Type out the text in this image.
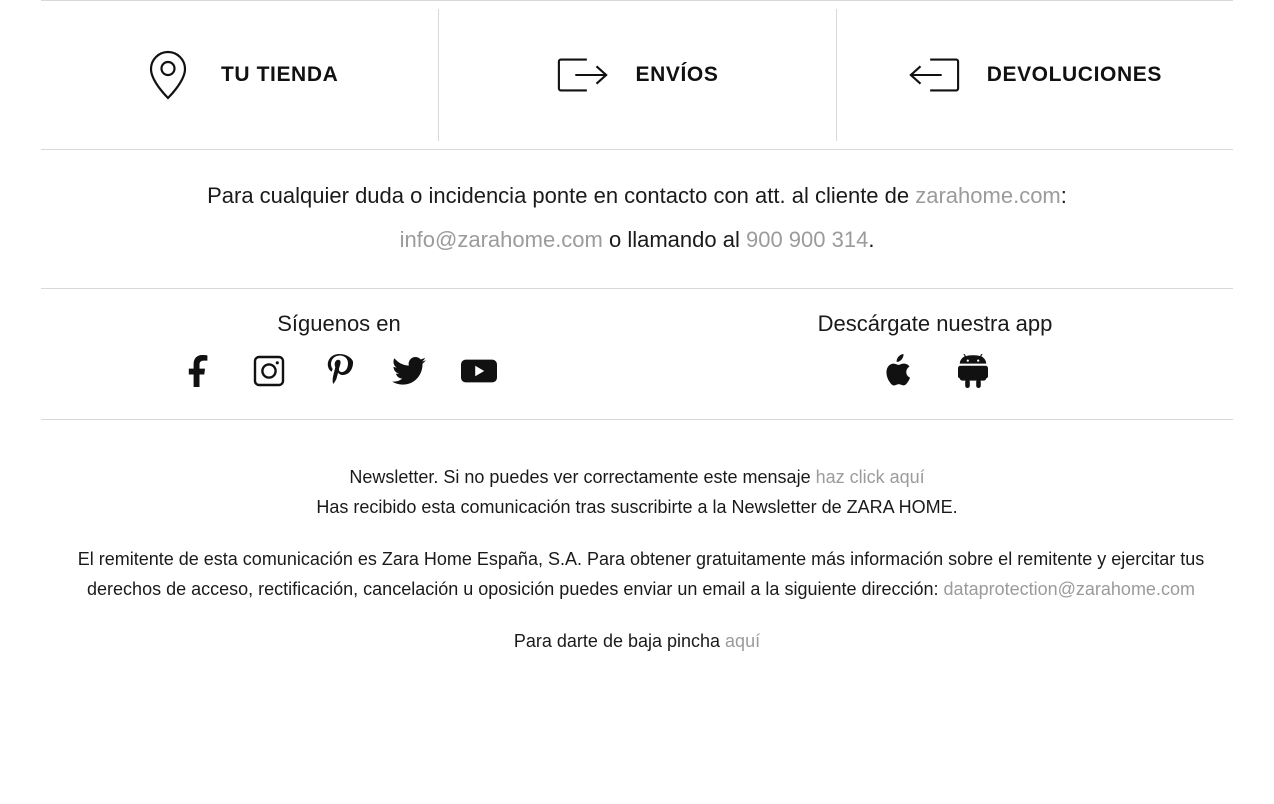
TU TIENDA	ENVÍOS	DEVOLUCIONES
Para cualquier duda o incidencia ponte en contacto con att. al cliente de zarahome.com:
info@zarahome.com o llamando al 900 900 314.
Síguenos en	Descárgate nuestra app

Newsletter. Si no puedes ver correctamente este mensaje haz click aquí

Has recibido esta comunicación tras suscribirte a la Newsletter de ZARA HOME.

El remitente de esta comunicación es Zara Home España, S.A. Para obtener gratuitamente más información sobre el remitente y ejercitar tus derechos de acceso, rectificación, cancelación u oposición puedes enviar un email a la siguiente dirección: dataprotection@zarahome.com

Para darte de baja pincha aquí
